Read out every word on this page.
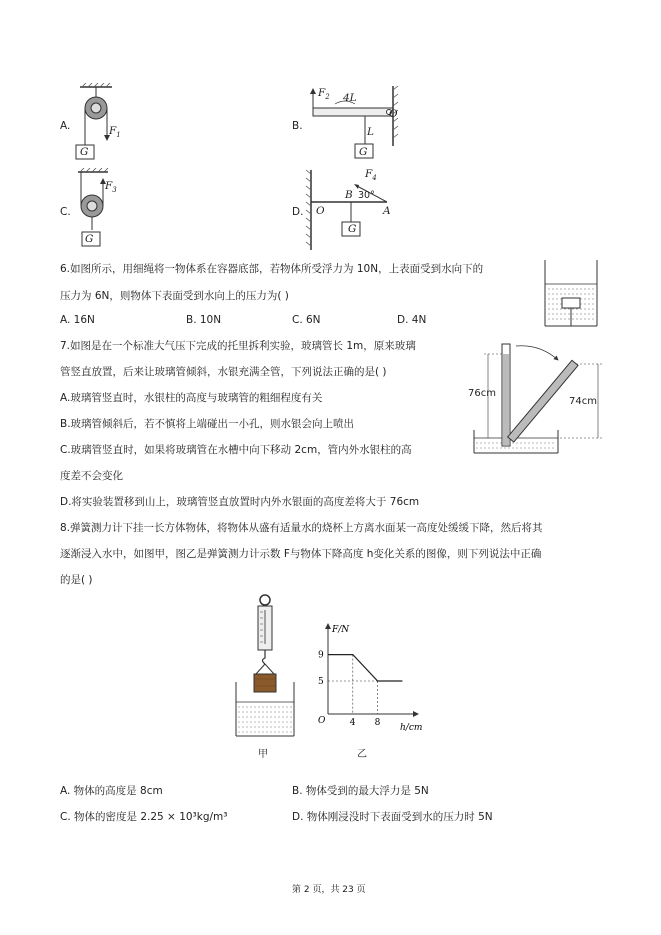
A.
G
$F_1$
B.
$F_2$ 4L
O
L
G
C.
$F_3$
G
D.
$F_4$
B 30°
O	A
G
6.如图所示，用细绳将一物体系在容器底部，若物体所受浮力为 10N，上表面受到水向下的
压力为 6N，则物体下表面受到水向上的压力为( )
A. 16N	B. 10N	C. 6N	D. 4N
7.如图是在一个标准大气压下完成的托里拆利实验，玻璃管长 1m，原来玻璃
管竖直放置，后来让玻璃管倾斜，水银充满全管，下列说法正确的是( )
A.玻璃管竖直时，水银柱的高度与玻璃管的粗细程度有关
B.玻璃管倾斜后，若不慎将上端碰出一小孔，则水银会向上喷出
C.玻璃管竖直时，如果将玻璃管在水槽中向下移动 2cm，管内外水银柱的高
度差不会变化
D.将实验装置移到山上，玻璃管竖直放置时内外水银面的高度差将大于 76cm
76cm
74cm
8.弹簧测力计下挂一长方体物体，将物体从盛有适量水的烧杯上方离水面某一高度处缓缓下降，然后将其
逐渐浸入水中，如图甲，图乙是弹簧测力计示数 F与物体下降高度 h变化关系的图像，则下列说法中正确
的是( )
甲
4 8
5
9
F/N
h/cm
O
乙
A. 物体的高度是 8cm	B. 物体受到的最大浮力是 5N
C. 物体的密度是 2.25 × 10³kg/m³	D. 物体刚浸没时下表面受到水的压力时 5N
第 2 页，共 23 页
